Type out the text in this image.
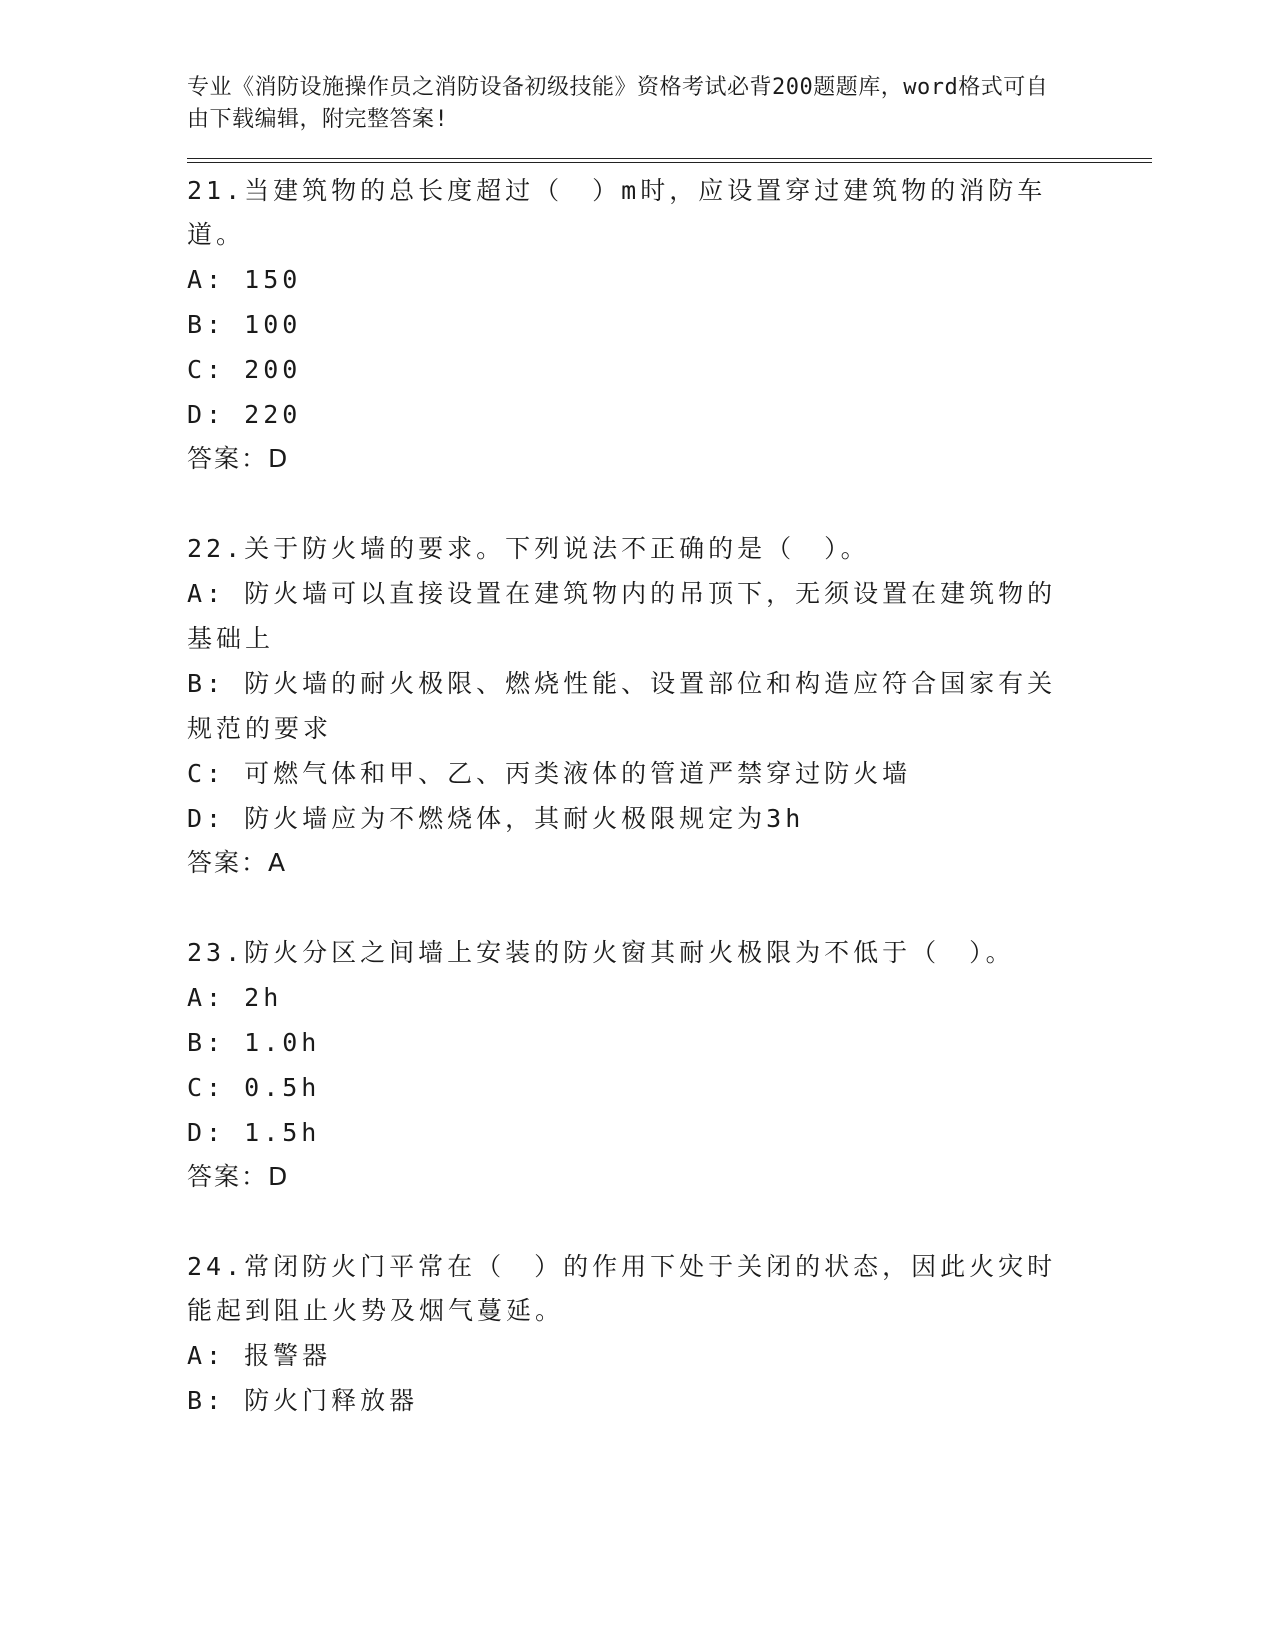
专业《消防设施操作员之消防设备初级技能》资格考试必背200题题库，word格式可自由下载编辑，附完整答案!

21.当建筑物的总长度超过（　）m时，应设置穿过建筑物的消防车道。

A: 150

B: 100

C: 200

D: 220

答案：D

22.关于防火墙的要求。下列说法不正确的是（　）。

A: 防火墙可以直接设置在建筑物内的吊顶下，无须设置在建筑物的基础上

B: 防火墙的耐火极限、燃烧性能、设置部位和构造应符合国家有关规范的要求

C: 可燃气体和甲、乙、丙类液体的管道严禁穿过防火墙

D: 防火墙应为不燃烧体，其耐火极限规定为3h

答案：A

23.防火分区之间墙上安装的防火窗其耐火极限为不低于（　）。

A: 2h

B: 1.0h

C: 0.5h

D: 1.5h

答案：D

24.常闭防火门平常在（　）的作用下处于关闭的状态，因此火灾时能起到阻止火势及烟气蔓延。

A: 报警器

B: 防火门释放器
